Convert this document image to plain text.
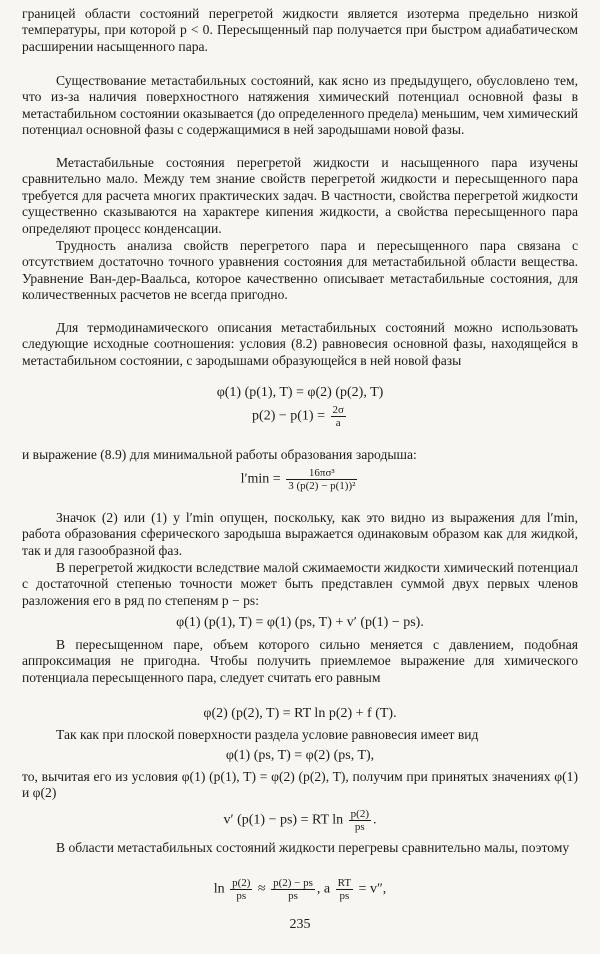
границей области состояний перегретой жидкости является изотерма предельно низкой температуры, при которой p < 0. Пересыщенный пар получается при быстром адиабатическом расширении насыщенного пара.

Существование метастабильных состояний, как ясно из предыдущего, обусловлено тем, что из-за наличия поверхностного натяжения химический потенциал основной фазы в метастабильном состоянии оказывается (до определенного предела) меньшим, чем химический потенциал основной фазы с содержащимися в ней зародышами новой фазы.

Метастабильные состояния перегретой жидкости и насыщенного пара изучены сравнительно мало. Между тем знание свойств перегретой жидкости и пересыщенного пара требуется для расчета многих практических задач. В частности, свойства перегретой жидкости существенно сказываются на характере кипения жидкости, а свойства пересыщенного пара определяют процесс конденсации.

Трудность анализа свойств перегретого пара и пересыщенного пара связана с отсутствием достаточно точного уравнения состояния для метастабильной области вещества. Уравнение Ван-дер-Ваальса, которое качественно описывает метастабильные состояния, для количественных расчетов не всегда пригодно.

Для термодинамического описания метастабильных состояний можно использовать следующие исходные соотношения: условия (8.2) равновесия основной фазы, находящейся в метастабильном состоянии, с зародышами образующейся в ней новой фазы

φ(1) (p(1), T) = φ(2) (p(2), T)
$p(2) - p(1) = \frac{2\sigma}{a}$

и выражение (8.9) для минимальной работы образования зародыша:

$l'\min = \frac{\text{16πσ³}}{\text{3 (p(2) − p(1))²}}$

Значок (2) или (1) у l′min опущен, поскольку, как это видно из выражения для l′min, работа образования сферического зародыша выражается одинаковым образом как для жидкой, так и для газообразной фаз.

В перегретой жидкости вследствие малой сжимаемости жидкости химический потенциал с достаточной степенью точности может быть представлен суммой двух первых членов разложения его в ряд по степеням p − ps:

φ(1) (p(1), T) = φ(1) (ps, T) + v′ (p(1) − ps).

В пересыщенном паре, объем которого сильно меняется с давлением, подобная аппроксимация не пригодна. Чтобы получить приемлемое выражение для химического потенциала пересыщенного пара, следует считать его равным

φ(2) (p(2), T) = RT ln p(2) + f (T).

Так как при плоской поверхности раздела условие равновесия имеет вид

φ(1) (ps, T) = φ(2) (ps, T),

то, вычитая его из условия φ(1) (p(1), T) = φ(2) (p(2), T), получим при принятых значениях φ(1) и φ(2)

v′ (p(1) − ps) = RT $\ln \frac{p(2)}{ps}$ .

В области метастабильных состояний жидкости перегревы сравнительно малы, поэтому

$\ln \frac{p(2)}{ps} \approx \frac{p(2) - ps}{ps}$ , а $\frac{RT}{ps} = v''$,
235
